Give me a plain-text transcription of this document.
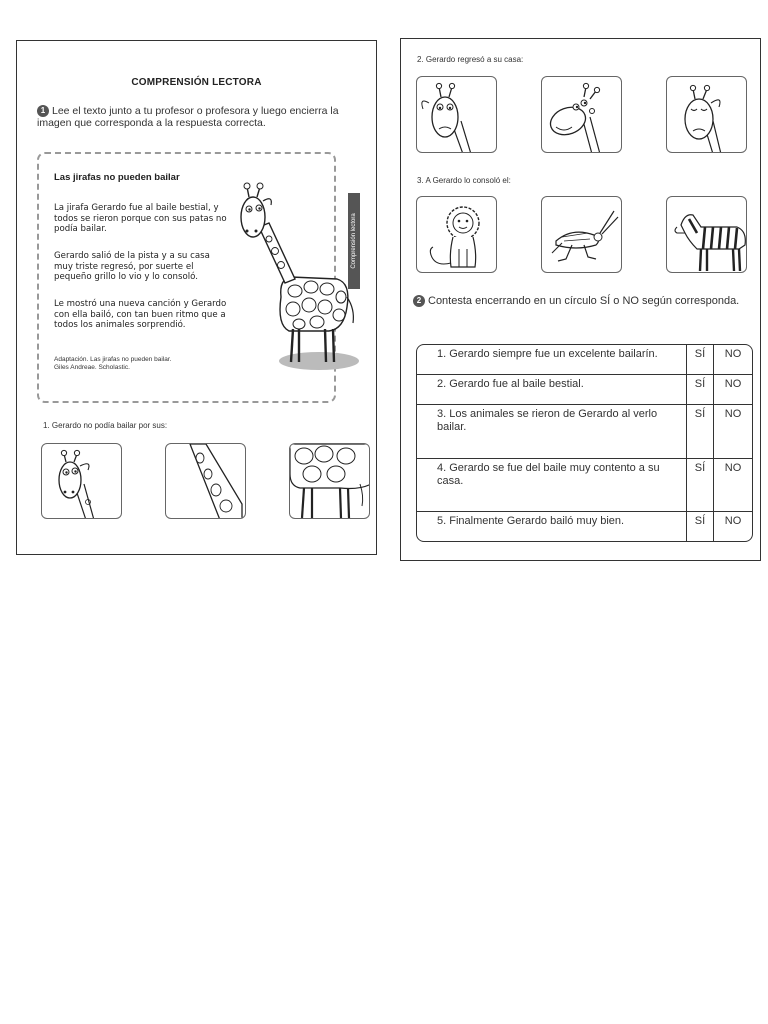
COMPRENSIÓN LECTORA
1 Lee el texto junto a tu profesor o profesora y luego encierra la imagen que corresponda a la respuesta correcta.
Las jirafas no pueden bailar
La jirafa Gerardo fue al baile bestial, y todos se rieron porque con sus patas no podía bailar.
Gerardo salió de la pista y a su casa muy triste regresó, por suerte el pequeño grillo lo vio y lo consoló.
Le mostró una nueva canción y Gerardo con ella bailó, con tan buen ritmo que a todos los animales sorprendió.
Adaptación. Las jirafas no pueden bailar.
Giles Andreae. Scholastic.
Comprensión lectora
1. Gerardo no podía bailar por sus:
2. Gerardo regresó a su casa:
3. A Gerardo lo consoló el:
2 Contesta encerrando en un círculo SÍ o NO según corresponda.
1. Gerardo siempre fue un excelente bailarín.	SÍ	NO
2. Gerardo fue al baile bestial.	SÍ	NO
3. Los animales se rieron de Gerardo al verlo bailar.	SÍ	NO
4. Gerardo se fue del baile muy contento a su casa.	SÍ	NO
5. Finalmente Gerardo bailó muy bien.	SÍ	NO
